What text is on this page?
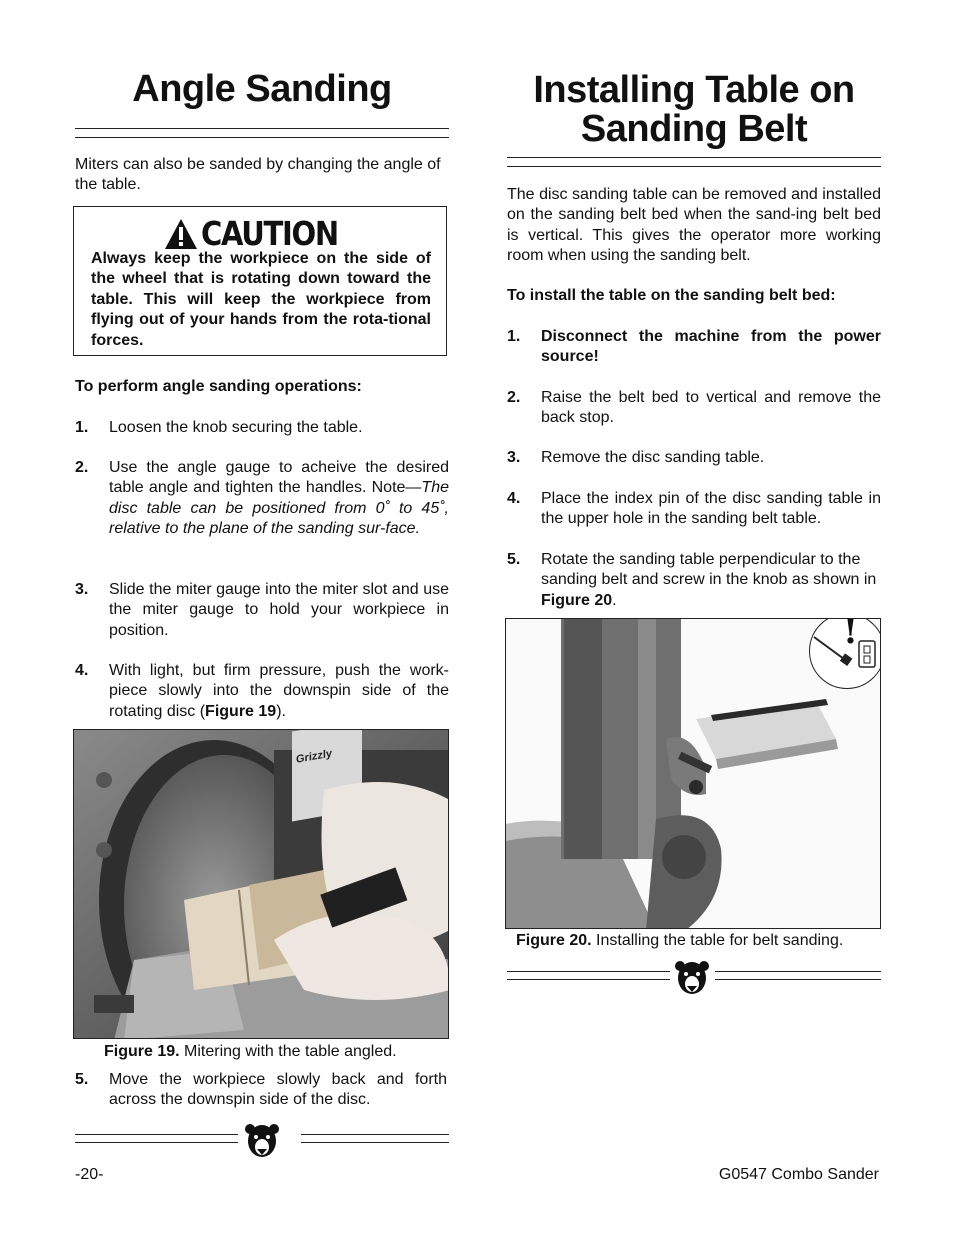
Angle Sanding

Miters can also be sanded by changing the angle of the table.

CAUTION
Always keep the workpiece on the side of the wheel that is rotating down toward the table. This will keep the workpiece from flying out of your hands from the rota-tional forces.

To perform angle sanding operations:

1.	Loosen the knob securing the table.
2.	Use the angle gauge to acheive the desired table angle and tighten the handles. Note—The disc table can be positioned from 0˚ to 45˚, relative to the plane of the sanding sur-face.
3.	Slide the miter gauge into the miter slot and use the miter gauge to hold your workpiece in position.
4.	With light, but firm pressure, push the work-piece slowly into the downspin side of the rotating disc (Figure 19).
Grizzly
Figure 19. Mitering with the table angled.
5.	Move the workpiece slowly back and forth across the downspin side of the disc.
Installing Table on
Sanding Belt

The disc sanding table can be removed and installed on the sanding belt bed when the sand-ing belt bed is vertical. This gives the operator more working room when using the sanding belt.

To install the table on the sanding belt bed:

1.	Disconnect the machine from the power source!
2.	Raise the belt bed to vertical and remove the back stop.
3.	Remove the disc sanding table.
4.	Place the index pin of the disc sanding table in the upper hole in the sanding belt table.
5.	Rotate the sanding table perpendicular to the sanding belt and screw in the knob as shown in Figure 20.
!
Figure 20. Installing the table for belt sanding.
-20-	G0547 Combo Sander
